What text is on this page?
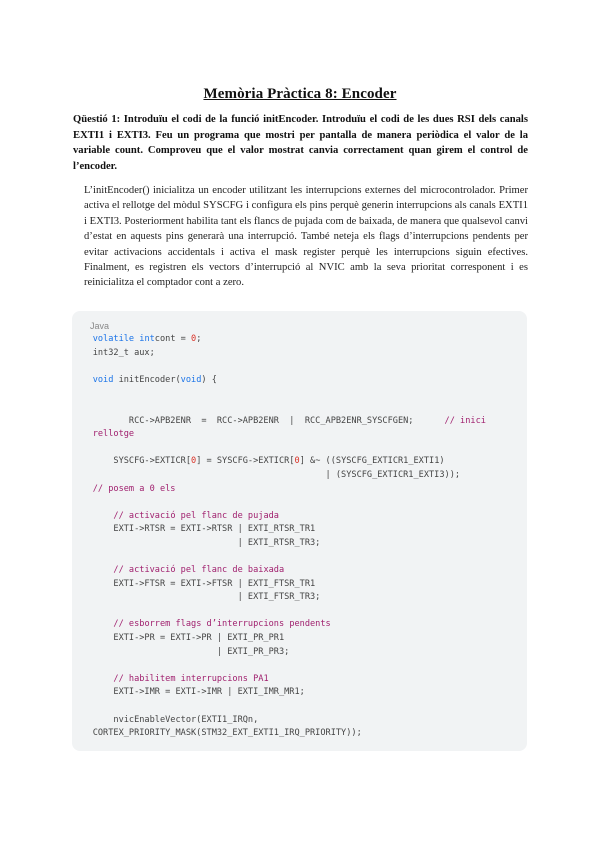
Memòria Pràctica 8: Encoder
Qüestió 1: Introduïu el codi de la funció initEncoder. Introduïu el codi de les dues RSI dels canals EXTI1 i EXTI3. Feu un programa que mostri per pantalla de manera periòdica el valor de la variable count. Comproveu que el valor mostrat canvia correctament quan girem el control de l’encoder.
L’initEncoder() inicialitza un encoder utilitzant les interrupcions externes del microcontrolador. Primer activa el rellotge del mòdul SYSCFG i configura els pins perquè generin interrupcions als canals EXTI1 i EXTI3. Posteriorment habilita tant els flancs de pujada com de baixada, de manera que qualsevol canvi d’estat en aquests pins generarà una interrupció. També neteja els flags d’interrupcions pendents per evitar activacions accidentals i activa el mask register perquè les interrupcions siguin efectives. Finalment, es registren els vectors d’interrupció al NVIC amb la seva prioritat corresponent i es reinicialitza el comptador cont a zero.
Java
volatile intcont = 0;
int32_t aux;

void initEncoder(void) {

RCC->APB2ENR  =  RCC->APB2ENR  |  RCC_APB2ENR_SYSCFGEN;      // inici
rellotge

SYSCFG->EXTICR[0] = SYSCFG->EXTICR[0] &~ ((SYSCFG_EXTICR1_EXTI1)
| (SYSCFG_EXTICR1_EXTI3));
// posem a 0 els

// activació pel flanc de pujada
EXTI->RTSR = EXTI->RTSR | EXTI_RTSR_TR1
| EXTI_RTSR_TR3;

// activació pel flanc de baixada
EXTI->FTSR = EXTI->FTSR | EXTI_FTSR_TR1
| EXTI_FTSR_TR3;

// esborrem flags d’interrupcions pendents
EXTI->PR = EXTI->PR | EXTI_PR_PR1
| EXTI_PR_PR3;

// habilitem interrupcions PA1
EXTI->IMR = EXTI->IMR | EXTI_IMR_MR1;

nvicEnableVector(EXTI1_IRQn,
CORTEX_PRIORITY_MASK(STM32_EXT_EXTI1_IRQ_PRIORITY));
